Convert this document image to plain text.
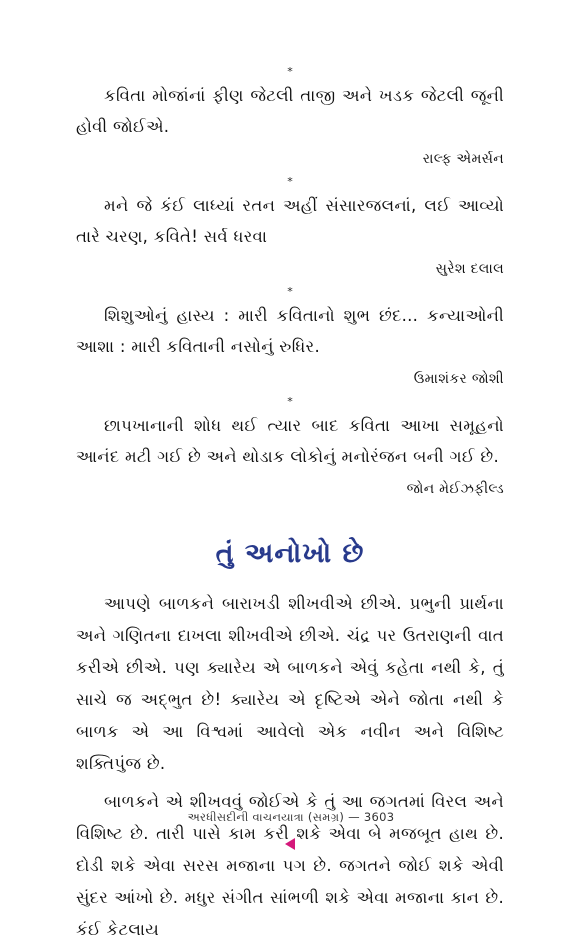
*

કવિતા મોજાંનાં ફીણ જેટલી તાજી અને ખડક જેટલી જૂની હોવી જોઈએ.

રાલ્ફ એમર્સન
*

મને જે કંઈ લાધ્યાં રતન અહીં સંસારજલનાં, લઈ આવ્યો તારે ચરણ, કવિતે! સર્વ ધરવા

સુરેશ દલાલ
*

શિશુઓનું હાસ્ય : મારી કવિતાનો શુભ છંદ... કન્યાઓની આશા : મારી કવિતાની નસોનું રુધિર.

ઉમાશંકર જોશી
*

છાપખાનાની શોધ થઈ ત્યાર બાદ કવિતા આખા સમૂહનો આનંદ મટી ગઈ છે અને થોડાક લોકોનું મનોરંજન બની ગઈ છે.

જોન મેઈઝફીલ્ડ
તું અનોખો છે

આપણે બાળકને બારાખડી શીખવીએ છીએ. પ્રભુની પ્રાર્થના અને ગણિતના દાખલા શીખવીએ છીએ. ચંદ્ર પર ઉતરાણની વાત કરીએ છીએ. પણ ક્યારેય એ બાળકને એવું કહેતા નથી કે, તું સાચે જ અદ્ભુત છે! ક્યારેય એ દૃષ્ટિએ એને જોતા નથી કે બાળક એ આ વિશ્વમાં આવેલો એક નવીન અને વિશિષ્ટ શક્તિપુંજ છે.

બાળકને એ શીખવવું જોઈએ કે તું આ જગતમાં વિરલ અને વિશિષ્ટ છે. તારી પાસે કામ કરી શકે એવા બે મજબૂત હાથ છે. દોડી શકે એવા સરસ મજાના પગ છે. જગતને જોઈ શકે એવી સુંદર આંખો છે. મધુર સંગીત સાંભળી શકે એવા મજાના કાન છે. કંઈ કેટલાય

અરધીસદીની વાચનયાત્રા (સમગ્ર) — 3603
